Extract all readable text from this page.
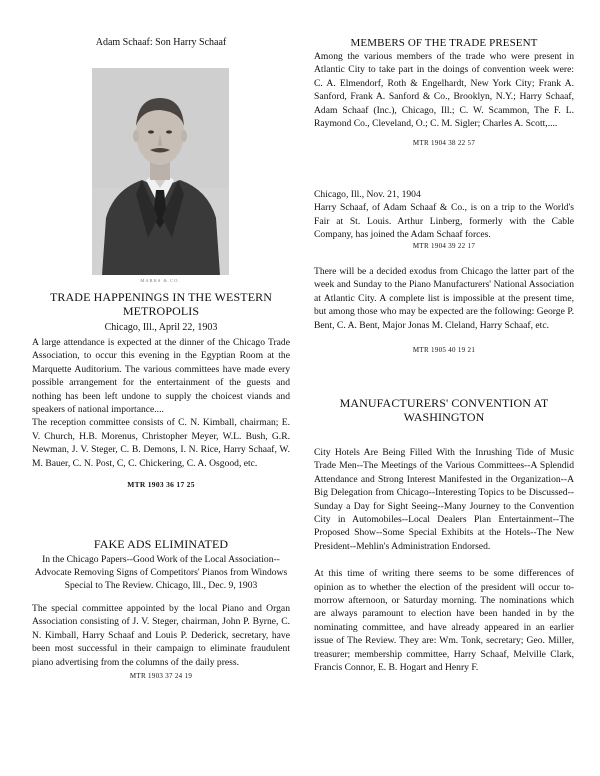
Adam Schaaf: Son Harry Schaaf

MARKS & CO.

TRADE HAPPENINGS IN THE WESTERN METROPOLIS

Chicago, Ill., April 22, 1903

A large attendance is expected at the dinner of the Chicago Trade Association, to occur this evening in the Egyptian Room at the Marquette Auditorium. The various committees have made every possible arrangement for the entertainment of the guests and nothing has been left undone to supply the choicest viands and speakers of national importance....

The reception committee consists of C. N. Kimball, chairman; E. V. Church, H.B. Morenus, Christopher Meyer, W.L. Bush, G.R. Newman, J. V. Steger, C. B. Demons, I. N. Rice, Harry Schaaf, W. M. Bauer, C. N. Post, C, C. Chickering, C. A. Osgood, etc.

MTR 1903 36 17 25

FAKE ADS ELIMINATED

In the Chicago Papers--Good Work of the Local Association--Advocate Removing Signs of Competitors' Pianos from Windows

Special to The Review. Chicago, Ill., Dec. 9, 1903

The special committee appointed by the local Piano and Organ Association consisting of J. V. Steger, chairman, John P. Byrne, C. N. Kimball, Harry Schaaf and Louis P. Dederick, secretary, have been most successful in their campaign to eliminate fraudulent piano advertising from the columns of the daily press.

MTR 1903 37 24 19

MEMBERS OF THE TRADE PRESENT

Among the various members of the trade who were present in Atlantic City to take part in the doings of convention week were: C. A. Elmendorf, Roth & Engelhardt, New York City; Frank A. Sanford, Frank A. Sanford & Co., Brooklyn, N.Y.; Harry Schaaf, Adam Schaaf (Inc.), Chicago, Ill.; C. W. Scammon, The F. L. Raymond Co., Cleveland, O.; C. M. Sigler; Charles A. Scott,....

MTR 1904 38 22 57

Chicago, Ill., Nov. 21, 1904

Harry Schaaf, of Adam Schaaf & Co., is on a trip to the World's Fair at St. Louis. Arthur Linberg, formerly with the Cable Company, has joined the Adam Schaaf forces.

MTR 1904 39 22 17

There will be a decided exodus from Chicago the latter part of the week and Sunday to the Piano Manufacturers' National Association at Atlantic City. A complete list is impossible at the present time, but among those who may be expected are the following: George P. Bent, C. A. Bent, Major Jonas M. Cleland, Harry Schaaf, etc.

MTR 1905 40 19 21

MANUFACTURERS' CONVENTION AT WASHINGTON

City Hotels Are Being Filled With the Inrushing Tide of Music Trade Men--The Meetings of the Various Committees--A Splendid Attendance and Strong Interest Manifested in the Organization--A Big Delegation from Chicago--Interesting Topics to be Discussed--Sunday a Day for Sight Seeing--Many Journey to the Convention City in Automobiles--Local Dealers Plan Entertainment--The Proposed Show--Some Special Exhibits at the Hotels--The New President--Mehlin's Administration Endorsed.

At this time of writing there seems to be some differences of opinion as to whether the election of the president will occur to-morrow afternoon, or Saturday morning. The nominations which are always paramount to election have been handed in by the nominating committee, and have already appeared in an earlier issue of The Review. They are: Wm. Tonk, secretary; Geo. Miller, treasurer; membership committee, Harry Schaaf, Melville Clark, Francis Connor, E. B. Hogart and Henry F.
